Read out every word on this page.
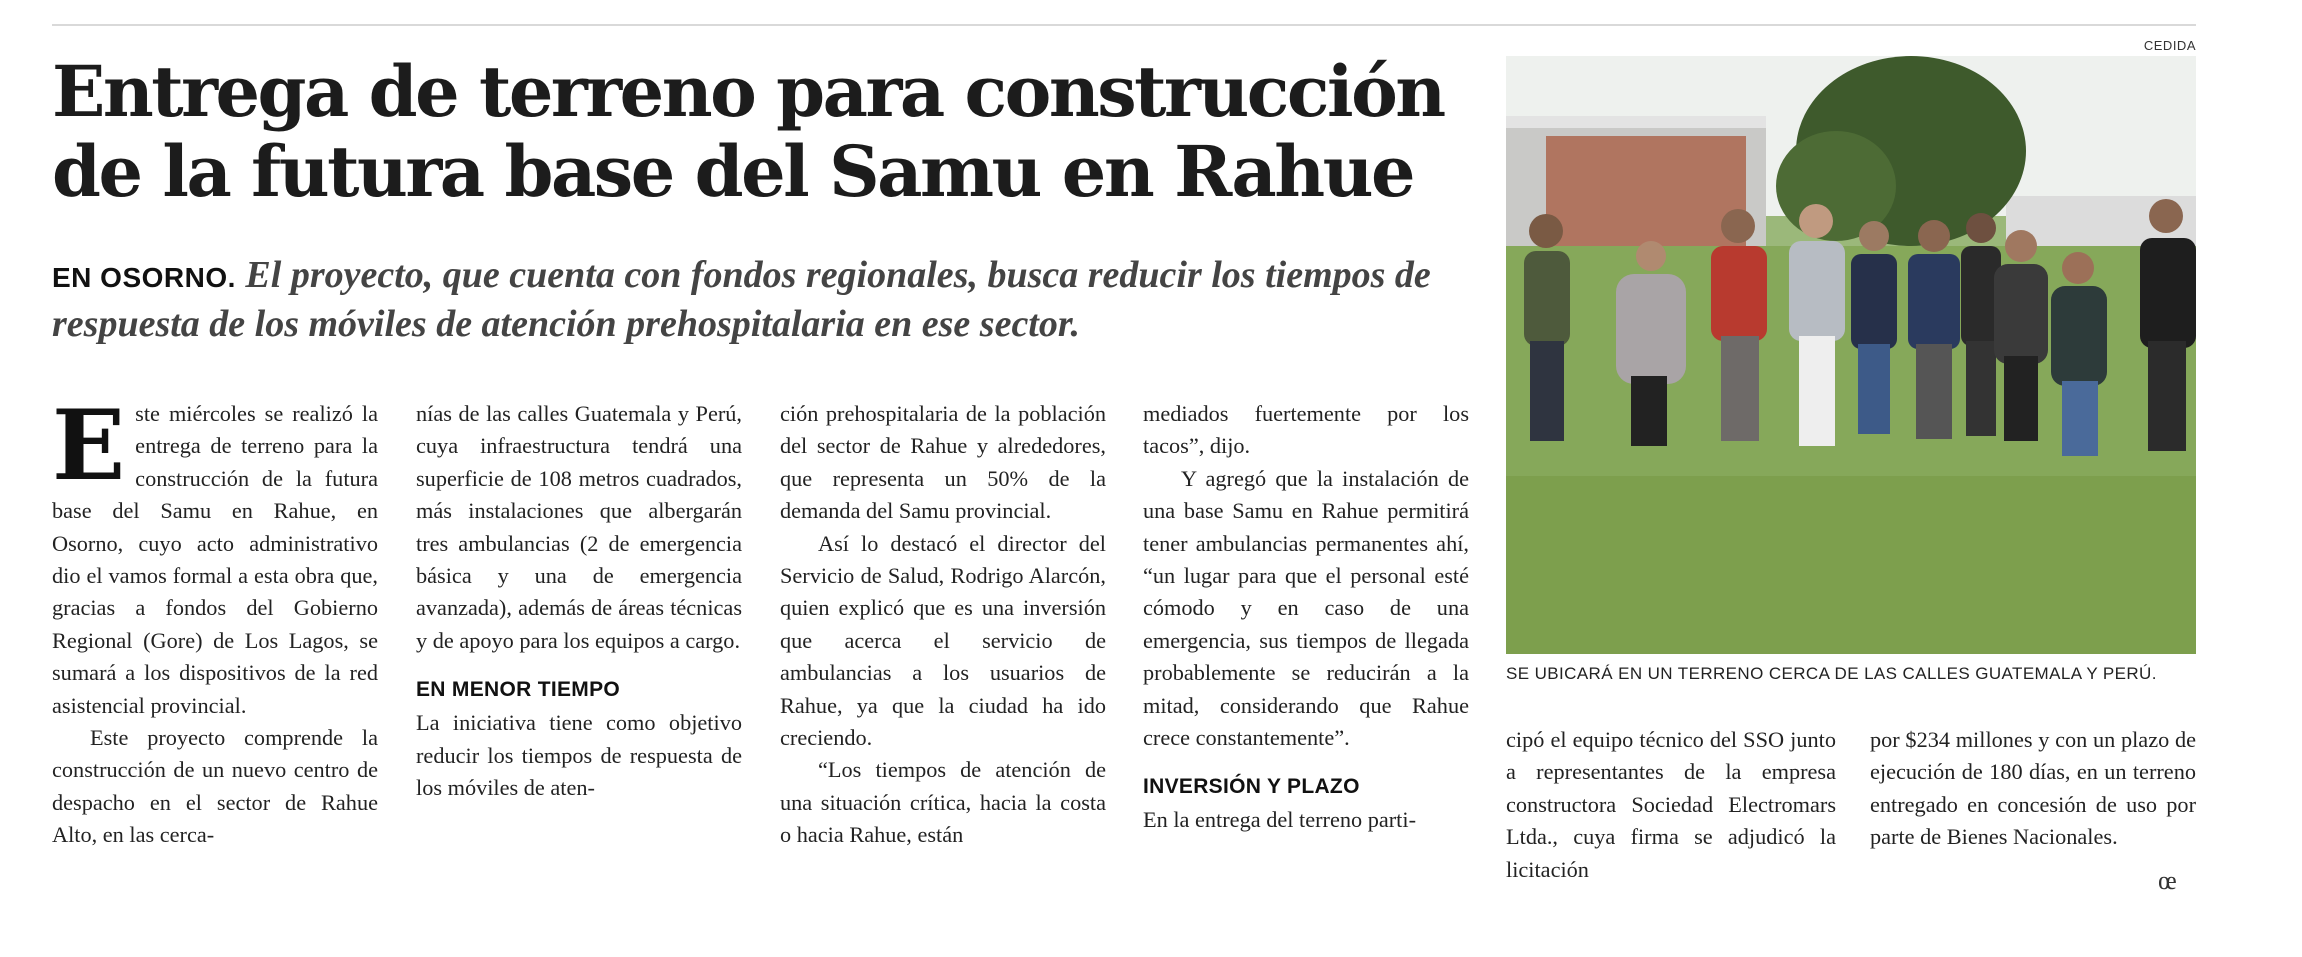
CEDIDA
Entrega de terreno para construcción
de la futura base del Samu en Rahue

EN OSORNO. El proyecto, que cuenta con fondos regionales, busca reducir los tiempos de respuesta de los móviles de atención prehospitalaria en ese sector.

E ste miércoles se realizó la entrega de terreno para la construcción de la futura base del Samu en Rahue, en Osorno, cuyo acto administrativo dio el vamos formal a esta obra que, gracias a fondos del Gobierno Regional (Gore) de Los Lagos, se sumará a los dispositivos de la red asistencial provincial.

Este proyecto comprende la construcción de un nuevo centro de despacho en el sector de Rahue Alto, en las cerca-

nías de las calles Guatemala y Perú, cuya infraestructura tendrá una superficie de 108 metros cuadrados, más instalaciones que albergarán tres ambulancias (2 de emergencia básica y una de emergencia avanzada), además de áreas técnicas y de apoyo para los equipos a cargo.

EN MENOR TIEMPO

La iniciativa tiene como objetivo reducir los tiempos de respuesta de los móviles de aten-

ción prehospitalaria de la población del sector de Rahue y alrededores, que representa un 50% de la demanda del Samu provincial.

Así lo destacó el director del Servicio de Salud, Rodrigo Alarcón, quien explicó que es una inversión que acerca el servicio de ambulancias a los usuarios de Rahue, ya que la ciudad ha ido creciendo.

“Los tiempos de atención de una situación crítica, hacia la costa o hacia Rahue, están

mediados fuertemente por los tacos”, dijo.

Y agregó que la instalación de una base Samu en Rahue permitirá tener ambulancias permanentes ahí, “un lugar para que el personal esté cómodo y en caso de una emergencia, sus tiempos de llegada probablemente se reducirán a la mitad, considerando que Rahue crece constantemente”.

INVERSIÓN Y PLAZO

En la entrega del terreno parti-

SE UBICARÁ EN UN TERRENO CERCA DE LAS CALLES GUATEMALA Y PERÚ.

cipó el equipo técnico del SSO junto a representantes de la empresa constructora Sociedad Electromars Ltda., cuya firma se adjudicó la licitación

por $234 millones y con un plazo de ejecución de 180 días, en un terreno entregado en concesión de uso por parte de Bienes Nacionales.

œ
